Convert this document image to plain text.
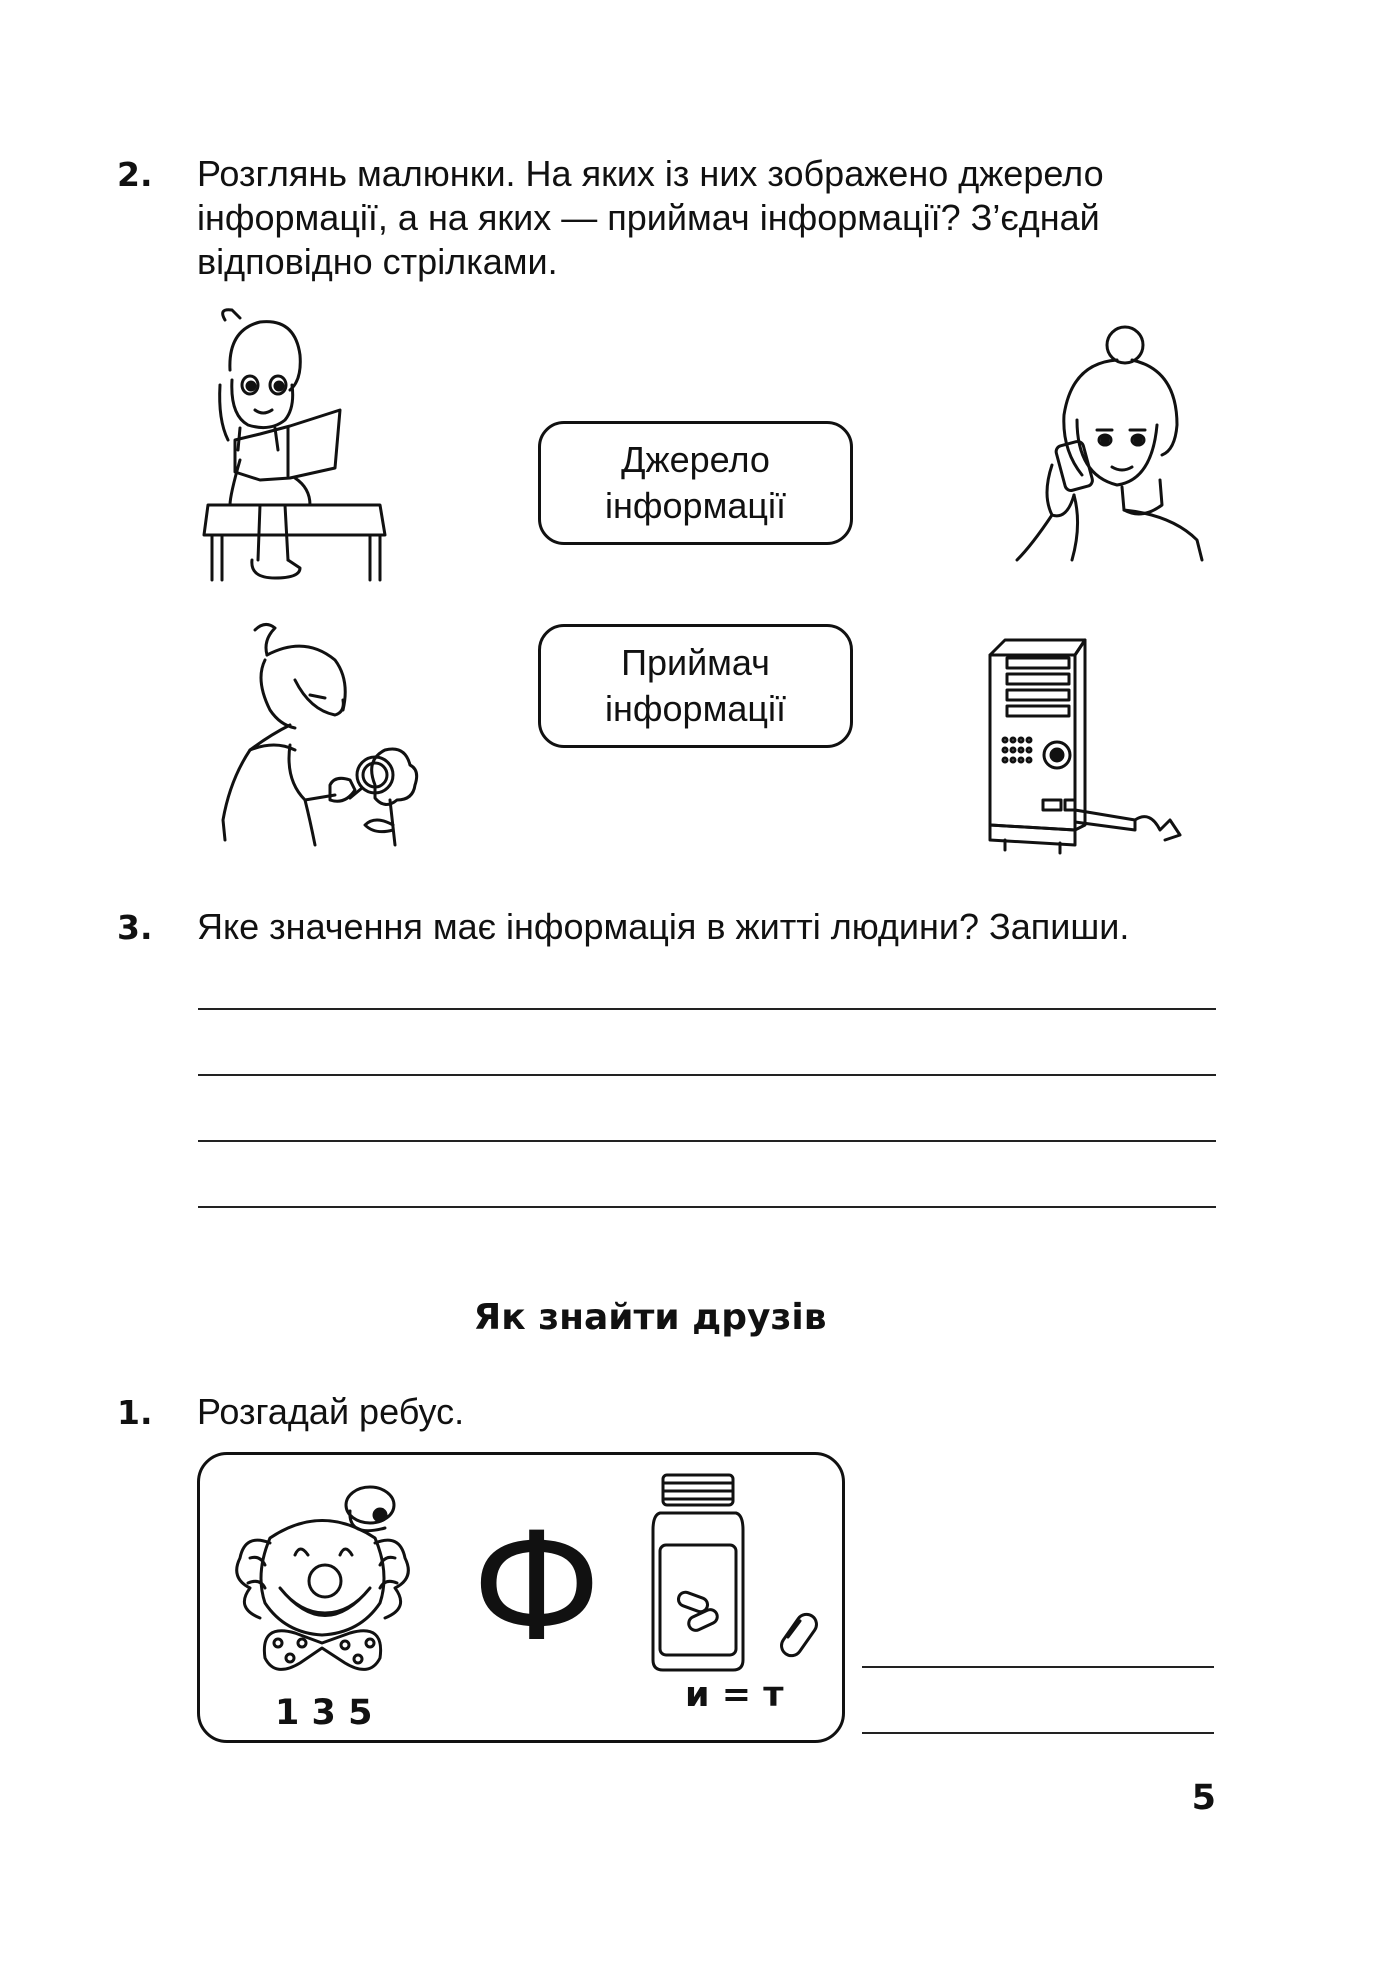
2. Розглянь малюнки. На яких із них зображено джерело
інформації, а на яких — приймач інформації? З’єднай
відповідно стрілками.
Джерело
інформації
Приймач
інформації
3. Яке значення має інформація в житті людини? Запиши.
Як знайти друзів
1. Розгадай ребус.
1 3 5
Ф
и = т
5
